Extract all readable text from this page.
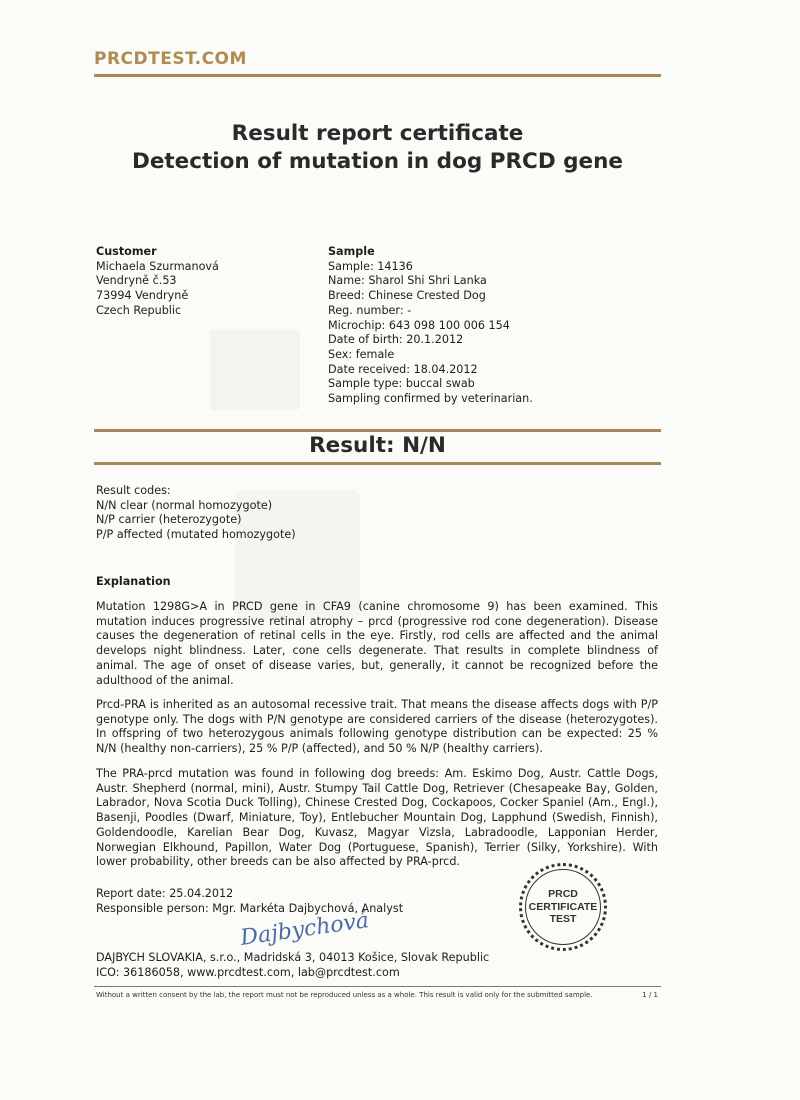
PRCDTEST.COM
Result report certificate
Detection of mutation in dog PRCD gene
Customer
Michaela Szurmanová
Vendryně č.53
73994 Vendryně
Czech Republic
Sample
Sample: 14136
Name: Sharol Shi Shri Lanka
Breed: Chinese Crested Dog
Reg. number: -
Microchip: 643 098 100 006 154
Date of birth: 20.1.2012
Sex: female
Date received: 18.04.2012
Sample type: buccal swab
Sampling confirmed by veterinarian.
Result: N/N
Result codes:
N/N clear (normal homozygote)
N/P carrier (heterozygote)
P/P affected (mutated homozygote)
Explanation
Mutation 1298G>A in PRCD gene in CFA9 (canine chromosome 9) has been examined. This mutation induces progressive retinal atrophy – prcd (progressive rod cone degeneration). Disease causes the degeneration of retinal cells in the eye. Firstly, rod cells are affected and the animal develops night blindness. Later, cone cells degenerate. That results in complete blindness of animal. The age of onset of disease varies, but, generally, it cannot be recognized before the adulthood of the animal.
Prcd-PRA is inherited as an autosomal recessive trait. That means the disease affects dogs with P/P genotype only. The dogs with P/N genotype are considered carriers of the disease (heterozygotes). In offspring of two heterozygous animals following genotype distribution can be expected: 25 % N/N (healthy non-carriers), 25 % P/P (affected), and 50 % N/P (healthy carriers).
The PRA-prcd mutation was found in following dog breeds: Am. Eskimo Dog, Austr. Cattle Dogs, Austr. Shepherd (normal, mini), Austr. Stumpy Tail Cattle Dog, Retriever (Chesapeake Bay, Golden, Labrador, Nova Scotia Duck Tolling), Chinese Crested Dog, Cockapoos, Cocker Spaniel (Am., Engl.), Basenji, Poodles (Dwarf, Miniature, Toy), Entlebucher Mountain Dog, Lapphund (Swedish, Finnish), Goldendoodle, Karelian Bear Dog, Kuvasz, Magyar Vizsla, Labradoodle, Lapponian Herder, Norwegian Elkhound, Papillon, Water Dog (Portuguese, Spanish), Terrier (Silky, Yorkshire). With lower probability, other breeds can be also affected by PRA-prcd.
Report date: 25.04.2012
Responsible person: Mgr. Markéta Dajbychová, Analyst
Dajbychová
DAJBYCH SLOVAKIA, s.r.o., Madridská 3, 04013 Košice, Slovak Republic
ICO: 36186058, www.prcdtest.com, lab@prcdtest.com
PRCD
CERTIFICATE
TEST
Without a written consent by the lab, the report must not be reproduced unless as a whole. This result is valid only for the submitted sample.	1 / 1
